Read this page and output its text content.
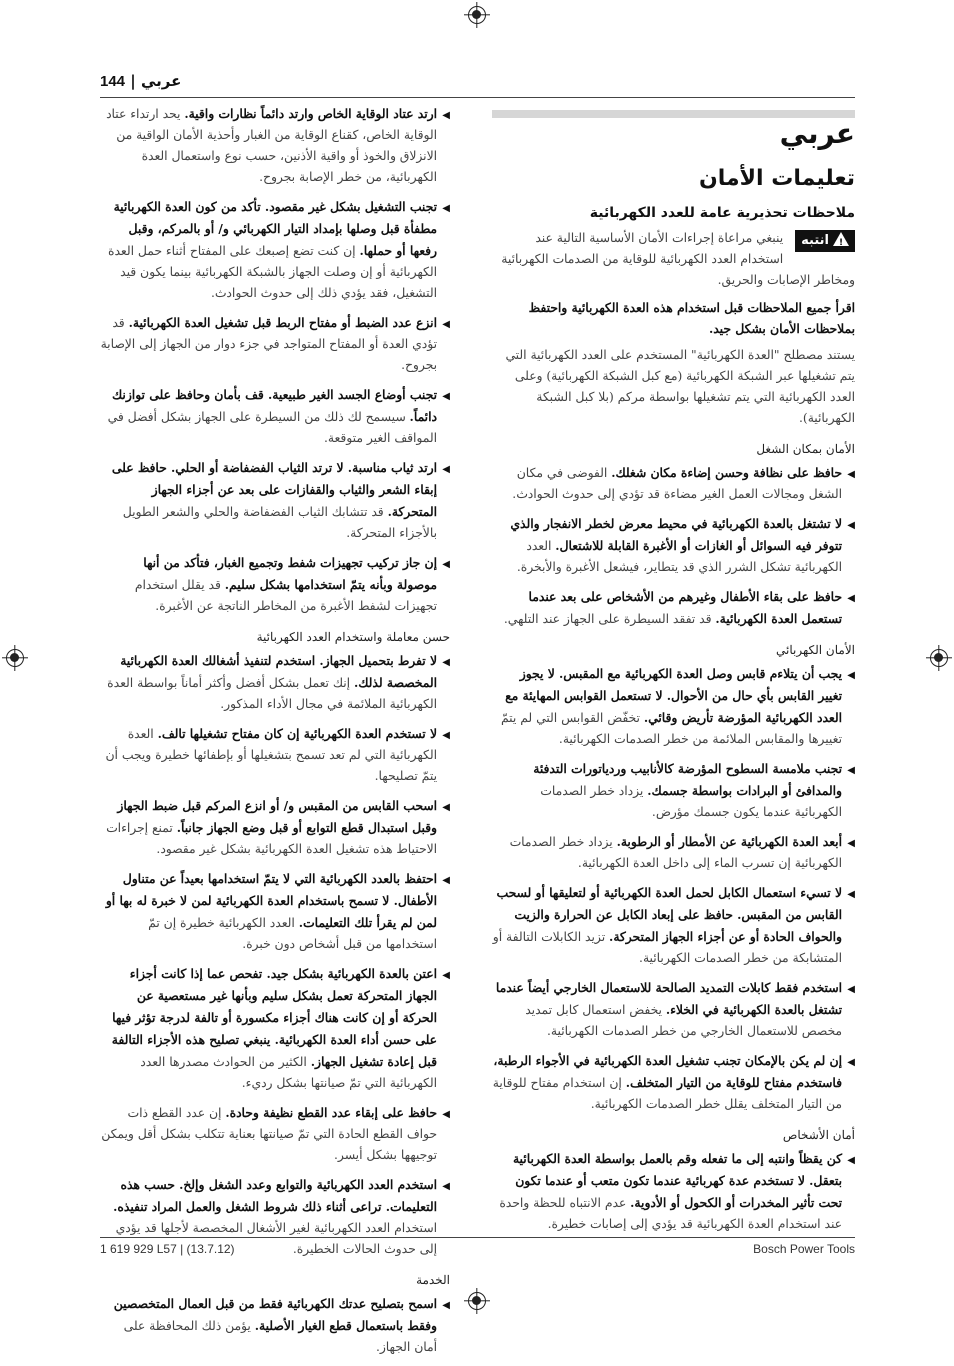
144 | عربي
عربي
تعليمات الأمان
ملاحظات تحذيرية عامة للعدد الكهربائية
!انتبه
ينبغي مراعاة إجراءات الأمان الأساسية التالية عند استخدام العدد الكهربائية للوقاية من الصدمات الكهربائية ومخاطر الإصابات والحريق.

اقرأ جميع الملاحظات قبل استخدام هذه العدة الكهربائية واحتفظ بملاحظات الأمان بشكل جيد.

يستند مصطلح "العدة الكهربائية" المستخدم على العدد الكهربائية التي يتم تشغيلها عبر الشبكة الكهربائية (مع كبل الشبكة الكهربائية) وعلى العدد الكهربائية التي يتم تشغيلها بواسطة مركم (بلا كبل الشبكة الكهربائية).

الأمان بمكان الشغل
◀
حافظ على نظافة وحسن إضاءة مكان شغلك. الفوضى في مكان الشغل ومجالات العمل الغير مضاءة قد تؤدي إلى حدوث الحوادث.
◀
لا تشتغل بالعدة الكهربائية في محيط معرض لخطر الانفجار والذي تتوفر فيه السوائل أو الغازات أو الأغبرة القابلة للاشتعال. العدد الكهربائية تشكل الشرر الذي قد يتطاير، فيشعل الأغبرة والأبخرة.
◀
حافظ على بقاء الأطفال وغيرهم من الأشخاص على بعد عندما تستعمل العدة الكهربائية. قد تفقد السيطرة على الجهاز عند التلهي.
الأمان الكهربائي
◀
يجب أن يتلاءم قابس وصل العدة الكهربائية مع المقبس. لا يجوز تغيير القابس بأي حال من الأحوال. لا تستعمل القوابس المهايئة مع العدد الكهربائية المؤرضة تأريض وقائي. تخفّض القوابس التي لم يتمّ تغييرها والمقابس الملائمة من خطر الصدمات الكهربائية.
◀
تجنب ملامسة السطوح المؤرضة كالأنابيب وردياتورات التدفئة والمدافئ أو البرادات بواسطة جسمك. يزداد خطر الصدمات الكهربائية عندما يكون جسمك مؤرض.
◀
أبعد العدة الكهربائية عن الأمطار أو الرطوبة. يزداد خطر الصدمات الكهربائية إن تسرب الماء إلى داخل العدة الكهربائية.
◀
لا تسيء استعمال الكابل لحمل العدة الكهربائية أو لتعليقها أو لسحب القابس من المقبس. حافظ على إبعاد الكابل عن الحرارة والزيت والحواف الحادة أو عن أجزاء الجهاز المتحركة. تزيد الكابلات التالفة أو المتشابكة من خطر الصدمات الكهربائية.
◀
استخدم فقط كابلات التمديد الصالحة للاستعمال الخارجي أيضاً عندما تشتغل بالعدة الكهربائية في الخلاء. يخفض استعمال كابل تمديد مخصص للاستعمال الخارجي من خطر الصدمات الكهربائية.
◀
إن لم يكن بالإمكان تجنب تشغيل العدة الكهربائية في الأجواء الرطبة، فاستخدم مفتاح للوقاية من التيار المتخلف. إن استخدام مفتاح للوقاية من التيار المتخلف يقلل خطر الصدمات الكهربائية.
أمان الأشخاص
◀
كن يقظاً وانتبه إلى ما تفعله وقم بالعمل بواسطة العدة الكهربائية بتعقل. لا تستخدم عدة كهربائية عندما تكون متعب أو عندما تكون تحت تأثير المخدرات أو الكحول أو الأدوية. عدم الانتباه للحظة واحدة عند استخدام العدة الكهربائية قد يؤدي إلى إصابات خطيرة.
◀
ارتد عتاد الوقاية الخاص وارتد دائماً نظارات واقية. يحد ارتداء عتاد الوقاية الخاص، كقناع الوقاية من الغبار وأحذية الأمان الواقية من الانزلاق والخوذ أو واقية الأذنين، حسب نوع واستعمال العدة الكهربائية، من خطر الإصابة بجروح.
◀
تجنب التشغيل بشكل غير مقصود. تأكد من كون العدة الكهربائية مطفأة قبل وصلها بإمداد التيار الكهربائي و/ أو بالمركم، وقبل رفعها أو حملها. إن كنت تضع إصبعك على المفتاح أثناء حمل العدة الكهربائية أو إن وصلت الجهاز بالشبكة الكهربائية بينما يكون قيد التشغيل، فقد يؤدي ذلك إلى حدوث الحوادث.
◀
انزع عدد الضبط أو مفتاح الربط قبل تشغيل العدة الكهربائية. قد تؤدي العدة أو المفتاح المتواجد في جزء دوار من الجهاز إلى الإصابة بجروح.
◀
تجنب أوضاع الجسد الغير طبيعية. قف بأمان وحافظ على توازنك دائماً. سيسمح لك ذلك من السيطرة على الجهاز بشكل أفضل في المواقف الغير متوقعة.
◀
ارتد ثياب مناسبة. لا ترتد الثياب الفضفاضة أو الحلي. حافظ على إبقاء الشعر والثياب والقفازات على بعد عن أجزاء الجهاز المتحركة. قد تتشابك الثياب الفضفاضة والحلي والشعر الطويل بالأجزاء المتحركة.
◀
إن جاز تركيب تجهيزات شفط وتجميع الغبار، فتأكد من أنها موصولة وبأنه يتمّ استخدامها بشكل سليم. قد يقلل استخدام تجهيزات لشفط الأغبرة من المخاطر الناتجة عن الأغبرة.
حسن معاملة واستخدام العدد الكهربائية
◀
لا تفرط بتحميل الجهاز. استخدم لتنفيذ أشغالك العدة الكهربائية المخصصة لذلك. إنك تعمل بشكل أفضل وأكثر أماناً بواسطة العدة الكهربائية الملائمة في مجال الأداء المذكور.
◀
لا تستخدم العدة الكهربائية إن كان مفتاح تشغيلها تالف. العدة الكهربائية التي لم تعد تسمح بتشغيلها أو بإطفائها خطيرة ويجب أن يتمّ تصليحها.
◀
اسحب القابس من المقبس و/ أو انزع المركم قبل ضبط الجهاز وقبل استبدال قطع التوابع أو قبل وضع الجهاز جانباً. تمنع إجراءات الاحتياط هذه تشغيل العدة الكهربائية بشكل غير مقصود.
◀
احتفظ بالعدد الكهربائية التي لا يتمّ استخدامها بعيداً عن متناول الأطفال. لا تسمح باستخدام العدة الكهربائية لمن لا خبرة له بها أو لمن لم يقرأ تلك التعليمات. العدد الكهربائية خطيرة إن تمّ استخدامها من قبل أشخاص دون خبرة.
◀
اعتن بالعدة الكهربائية بشكل جيد. تفحص عما إذا كانت أجزاء الجهاز المتحركة تعمل بشكل سليم وبأنها غير مستعصية عن الحركة أو إن كانت هناك أجزاء مكسورة أو تالفة لدرجة تؤثر فيها على حسن أداء العدة الكهربائية. ينبغي تصليح هذه الأجزاء التالفة قبل إعادة تشغيل الجهاز. الكثير من الحوادث مصدرها العدد الكهربائية التي تمّ صيانتها بشكل رديء.
◀
حافظ على إبقاء عدد القطع نظيفة وحادة. إن عدد القطع ذات حواف القطع الحادة التي تمّ صيانتها بعناية تتكلب بشكل أقل ويمكن توجيهها بشكل أيسر.
◀
استخدم العدد الكهربائية والتوابع وعدد الشغل وإلخ. حسب هذه التعليمات. تراعى أثناء ذلك شروط الشغل والعمل المراد تنفيذه. استخدام العدد الكهربائية لغير الأشغال المخصصة لأجلها قد يؤدي إلى حدوث الحالات الخطيرة.
الخدمة
◀
اسمح بتصليح عدتك الكهربائية فقط من قبل العمال المتخصصين وفقط باستعمال قطع الغيار الأصلية. يؤمن ذلك المحافظة على أمان الجهاز.
1 619 929 L57 | (13.7.12)	Bosch Power Tools
